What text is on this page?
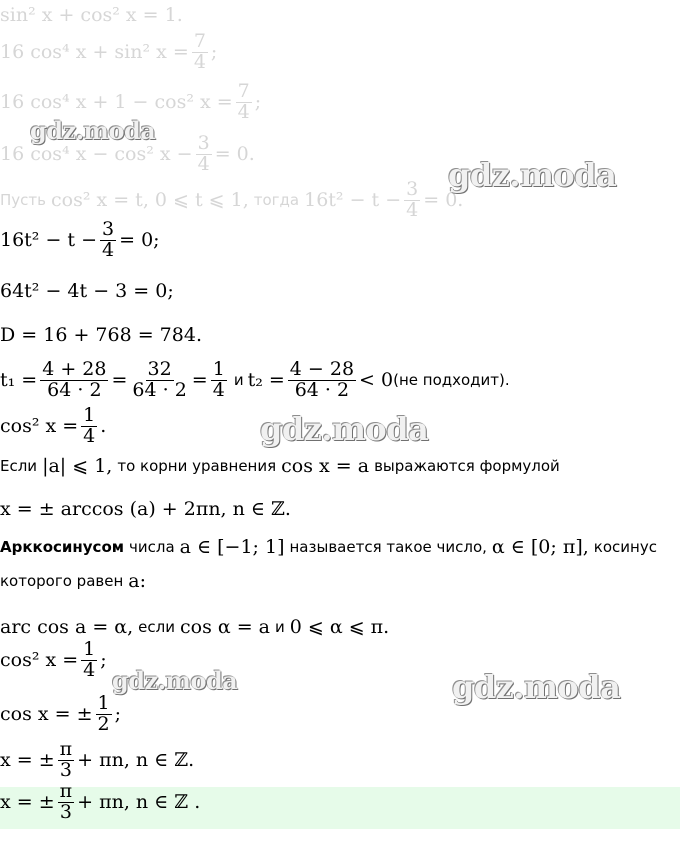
sin² x + cos² x = 1.
16 cos⁴ x + sin² $x = \frac{7}{4}$ ;
16 cos⁴ x + 1 − cos² $x = \frac{7}{4}$ ;
16 cos⁴ x − cos² $x - \frac{3}{4} = 0$.
Пусть cos² x = t, 0 ⩽ t ⩽ 1, тогда $16t^2 - t - \frac{3}{4} = 0$.
$16t^2 - t - \frac{3}{4} = 0$;
64t² − 4t − 3 = 0;
D = 16 + 768 = 784.
$t_1 = \frac{4 + 28}{64 \cdot 2} = \frac{32}{64 \cdot 2} = \frac{1}{4}$ и $t_2 = \frac{4 - 28}{64 \cdot 2} < 0$ (не подходит).
cos² $x = \frac{1}{4}$ .
Если |a| ⩽ 1, то корни уравнения cos x = a выражаются формулой
x = ± arccos (a) + 2πn, n ∈ ℤ.
Арккосинусом числа a ∈ [−1; 1] называется такое число, α ∈ [0; π], косинус
которого равен a:
arc cos a = α, если cos α = a и 0 ⩽ α ⩽ π.
cos² $x = \frac{1}{4}$ ;
cos x = ± $\frac{1}{2}$ ;
x = ± $\frac{\pi}{3} + \pi n$, n ∈ ℤ.
x = ± $\frac{\pi}{3} + \pi n$, n ∈ ℤ .
gdz.moda
gdz.moda
gdz.moda
gdz.moda	gdz.moda
